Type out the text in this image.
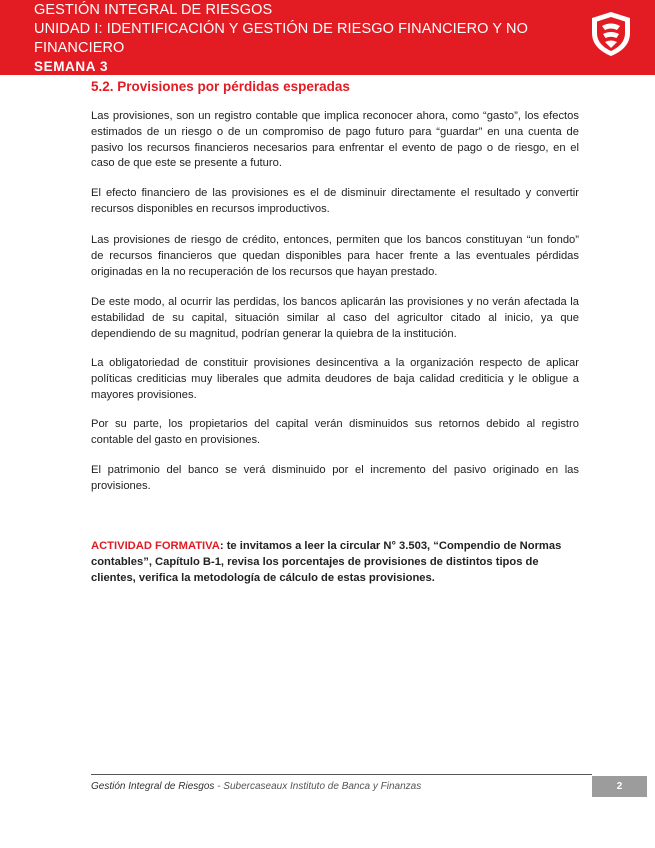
GESTIÓN INTEGRAL DE RIESGOS
UNIDAD I: IDENTIFICACIÓN Y GESTIÓN DE RIESGO FINANCIERO Y NO
FINANCIERO
SEMANA 3
5.2. Provisiones por pérdidas esperadas
Las provisiones, son un registro contable que implica reconocer ahora, como “gasto”, los efectos estimados de un riesgo o de un compromiso de pago futuro para “guardar” en una cuenta de pasivo los recursos financieros necesarios para enfrentar el evento de pago o de riesgo, en el caso de que este se presente a futuro.
El efecto financiero de las provisiones es el de disminuir directamente el resultado y convertir recursos disponibles en recursos improductivos.
Las provisiones de riesgo de crédito, entonces, permiten que los bancos constituyan “un fondo” de recursos financieros que quedan disponibles para hacer frente a las eventuales pérdidas originadas en la no recuperación de los recursos que hayan prestado.
De este modo, al ocurrir las perdidas, los bancos aplicarán las provisiones y no verán afectada la estabilidad de su capital, situación similar al caso del agricultor citado al inicio, ya que dependiendo de su magnitud, podrían generar la quiebra de la institución.
La obligatoriedad de constituir provisiones desincentiva a la organización respecto de aplicar políticas crediticias muy liberales que admita deudores de baja calidad crediticia y le obligue a mayores provisiones.
Por su parte, los propietarios del capital verán disminuidos sus retornos debido al registro contable del gasto en provisiones.
El patrimonio del banco se verá disminuido por el incremento del pasivo originado en las provisiones.
ACTIVIDAD FORMATIVA: te invitamos a leer la circular N° 3.503, “Compendio de Normas contables”, Capítulo B-1, revisa los porcentajes de provisiones de distintos tipos de clientes, verifica la metodología de cálculo de estas provisiones.
Gestión Integral de Riesgos - Subercaseaux Instituto de Banca y Finanzas	2
